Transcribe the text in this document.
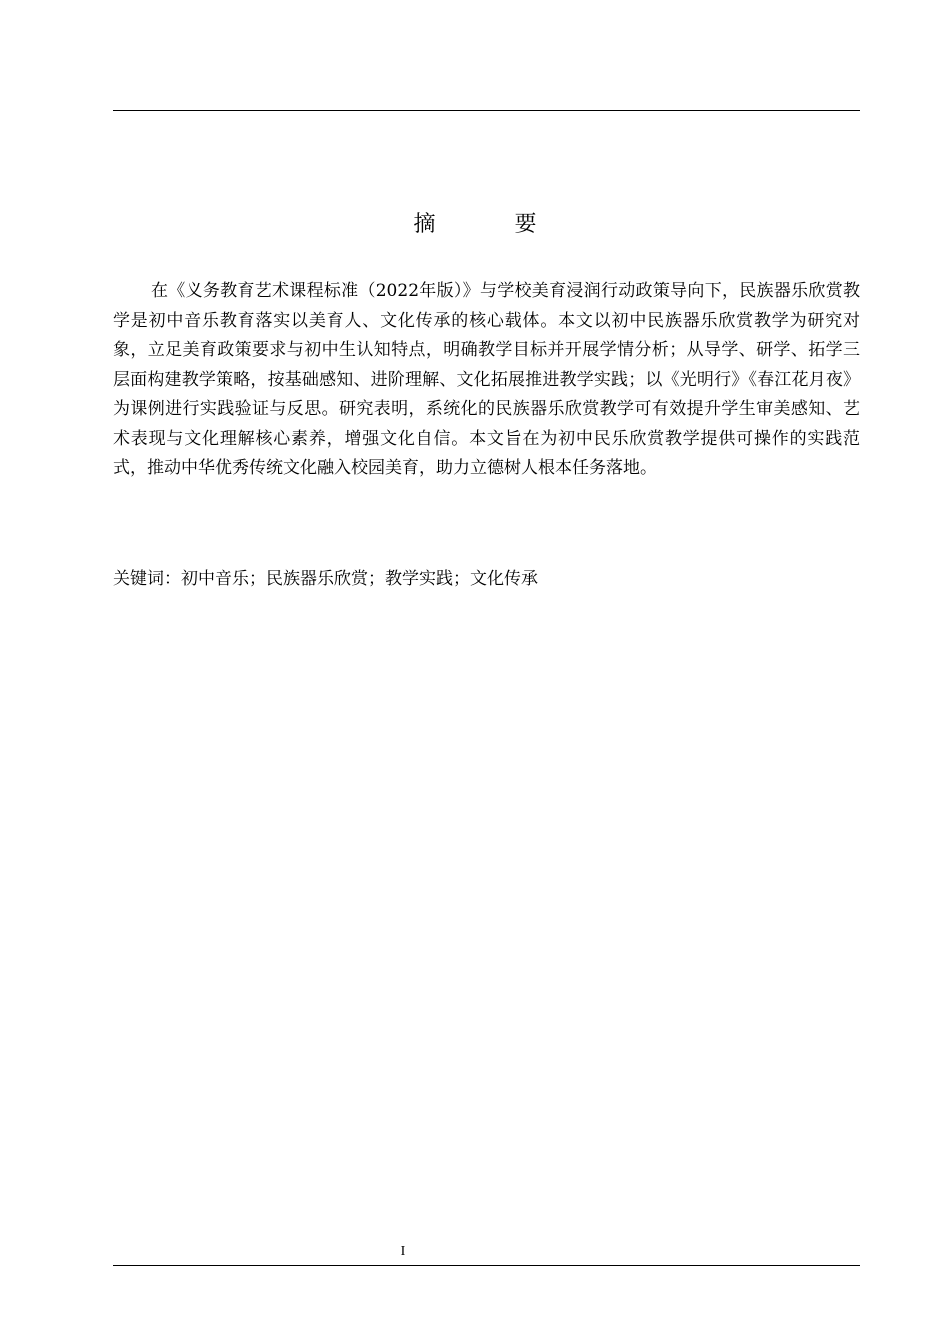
摘 要

在《义务教育艺术课程标准（2022年版）》与学校美育浸润行动政策导向下，民族器乐欣赏教学是初中音乐教育落实以美育人、文化传承的核心载体。本文以初中民族器乐欣赏教学为研究对象，立足美育政策要求与初中生认知特点，明确教学目标并开展学情分析；从导学、研学、拓学三层面构建教学策略，按基础感知、进阶理解、文化拓展推进教学实践；以《光明行》《春江花月夜》为课例进行实践验证与反思。研究表明，系统化的民族器乐欣赏教学可有效提升学生审美感知、艺术表现与文化理解核心素养，增强文化自信。本文旨在为初中民乐欣赏教学提供可操作的实践范式，推动中华优秀传统文化融入校园美育，助力立德树人根本任务落地。

关键词：初中音乐；民族器乐欣赏；教学实践；文化传承

I
